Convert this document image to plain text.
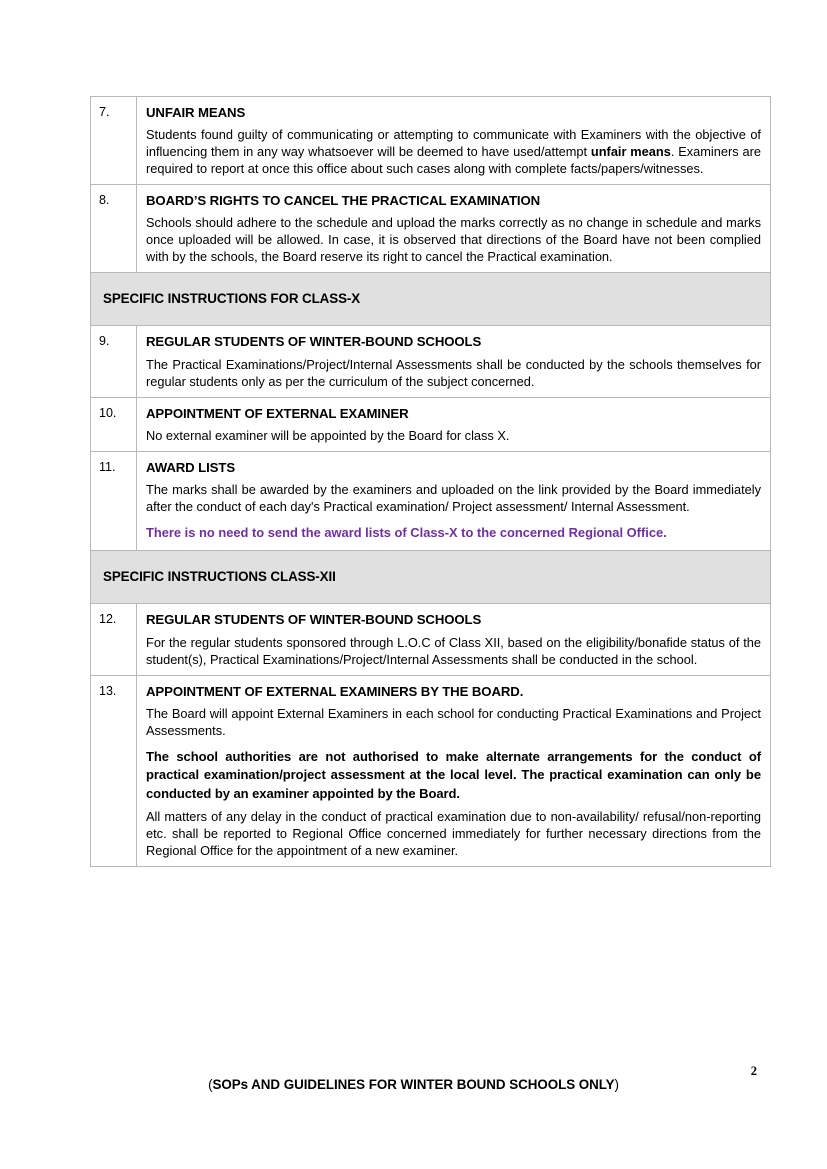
7.	UNFAIR MEANS

Students found guilty of communicating or attempting to communicate with Examiners with the objective of influencing them in any way whatsoever will be deemed to have used/attempt unfair means. Examiners are required to report at once this office about such cases along with complete facts/papers/witnesses.

8.	BOARD’S RIGHTS TO CANCEL THE PRACTICAL EXAMINATION

Schools should adhere to the schedule and upload the marks correctly as no change in schedule and marks once uploaded will be allowed. In case, it is observed that directions of the Board have not been complied with by the schools, the Board reserve its right to cancel the Practical examination.

SPECIFIC INSTRUCTIONS FOR CLASS-X	

9.	REGULAR STUDENTS OF WINTER-BOUND SCHOOLS

The Practical Examinations/Project/Internal Assessments shall be conducted by the schools themselves for regular students only as per the curriculum of the subject concerned.

10.	APPOINTMENT OF EXTERNAL EXAMINER

No external examiner will be appointed by the Board for class X.

11.	AWARD LISTS

The marks shall be awarded by the examiners and uploaded on the link provided by the Board immediately after the conduct of each day's Practical examination/ Project assessment/ Internal Assessment.

There is no need to send the award lists of Class-X to the concerned Regional Office.

SPECIFIC INSTRUCTIONS CLASS-XII	

12.	REGULAR STUDENTS OF WINTER-BOUND SCHOOLS

For the regular students sponsored through L.O.C of Class XII, based on the eligibility/bonafide status of the student(s), Practical Examinations/Project/Internal Assessments shall be conducted in the school.

13.	APPOINTMENT OF EXTERNAL EXAMINERS BY THE BOARD.

The Board will appoint External Examiners in each school for conducting Practical Examinations and Project Assessments.

The school authorities are not authorised to make alternate arrangements for the conduct of practical examination/project assessment at the local level. The practical examination can only be conducted by an examiner appointed by the Board.

All matters of any delay in the conduct of practical examination due to non-availability/ refusal/non-reporting etc. shall be reported to Regional Office concerned immediately for further necessary directions from the Regional Office for the appointment of a new examiner.

2
(SOPs AND GUIDELINES FOR WINTER BOUND SCHOOLS ONLY)
